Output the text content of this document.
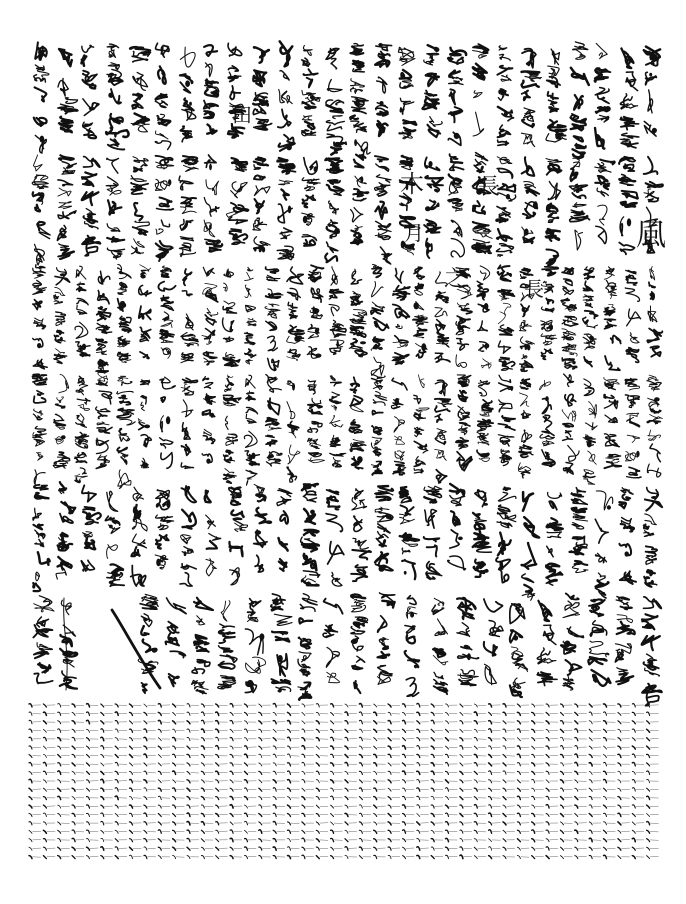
風
木
之
長
長
月
田
